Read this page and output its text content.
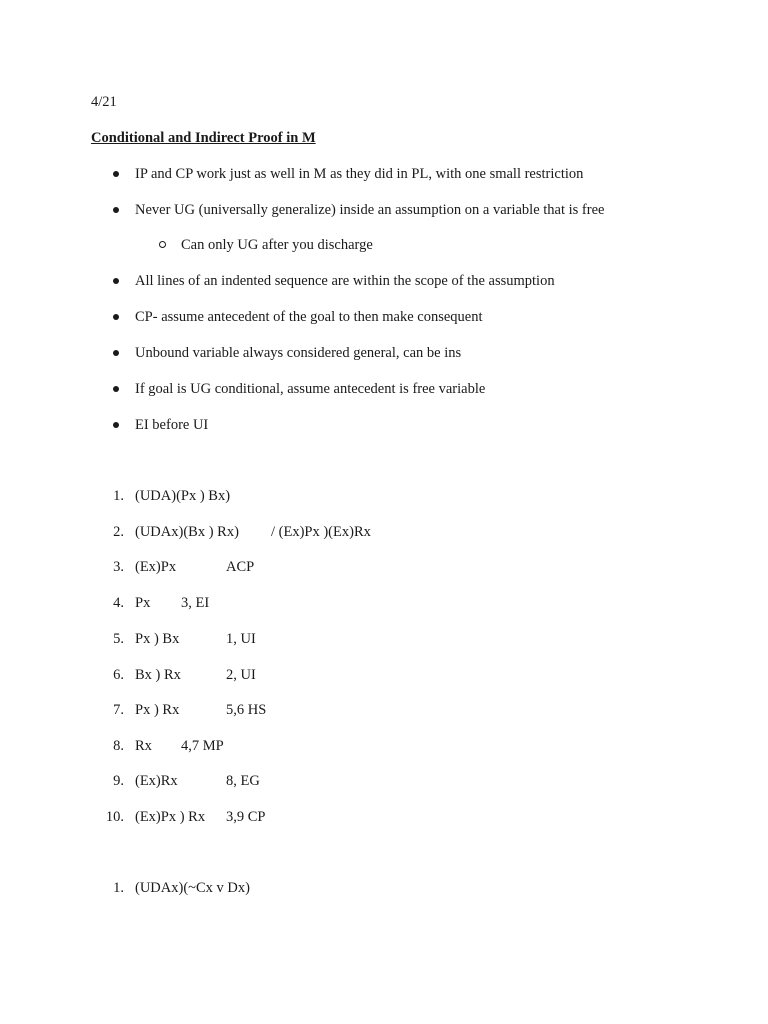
4/21
Conditional and Indirect Proof in M
IP and CP work just as well in M as they did in PL, with one small restriction
Never UG (universally generalize) inside an assumption on a variable that is free
Can only UG after you discharge
All lines of an indented sequence are within the scope of the assumption
CP- assume antecedent of the goal to then make consequent
Unbound variable always considered general, can be ins
If goal is UG conditional, assume antecedent is free variable
EI before UI
1. (UDA)(Px ) Bx)
2. (UDAx)(Bx ) Rx) / (Ex)Px )(Ex)Rx
3. (Ex)Px	ACP
4. Px 3, EI
5. Px ) Bx	1, UI
6. Bx ) Rx	2, UI
7. Px ) Rx	5,6 HS
8. Rx 4,7 MP
9. (Ex)Rx	8, EG
10. (Ex)Px ) Rx 3,9 CP
1. (UDAx)(~Cx v Dx)
